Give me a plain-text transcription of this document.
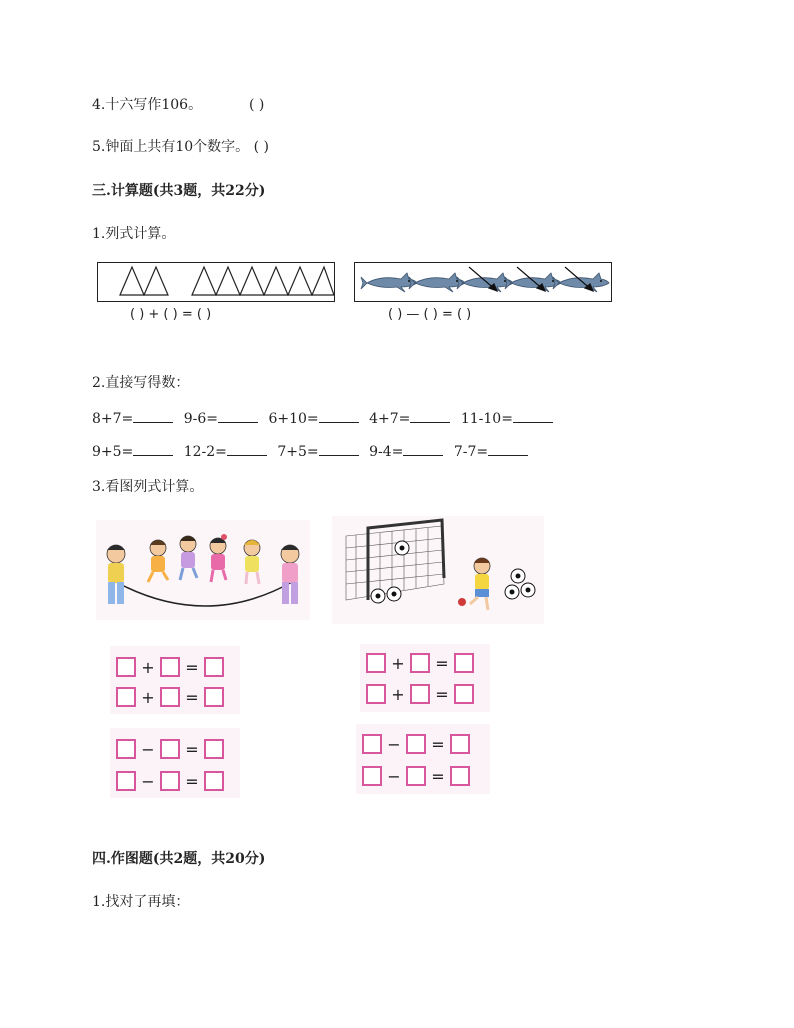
4.十六写作106。	( )
5.钟面上共有10个数字。 ( )
三.计算题(共3题，共22分)
1.列式计算。
( ) + ( ) = ( )	( ) — ( ) = ( )
2.直接写得数：
8+7=	9-6=	6+10=	4+7=	11-10=
9+5=	12-2=	7+5=	9-4=	7-7=
3.看图列式计算。
+ =
+ =
− =
− =
+ =
+ =
− =
− =
四.作图题(共2题，共20分)
1.找对了再填：
